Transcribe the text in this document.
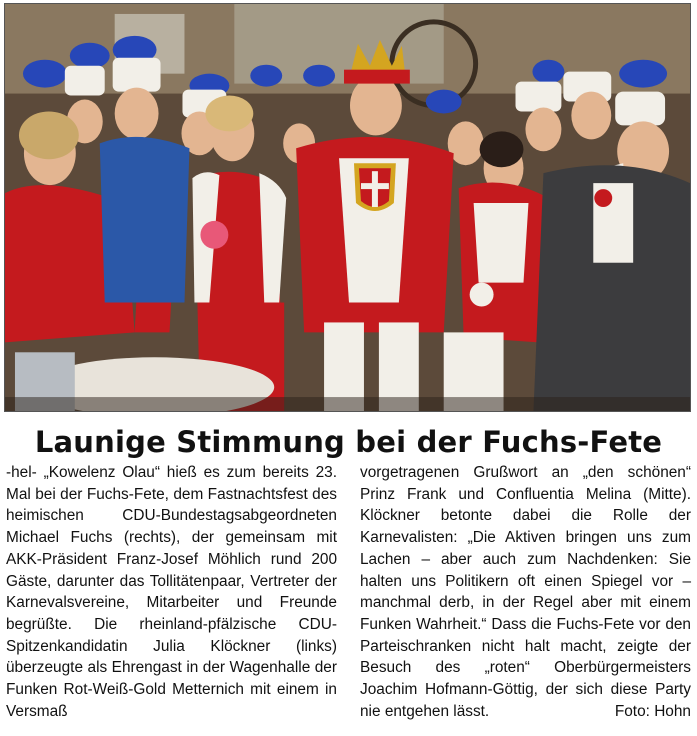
Launige Stimmung bei der Fuchs-Fete

-hel- „Kowelenz Olau“ hieß es zum bereits 23. Mal bei der Fuchs-Fete, dem Fastnachtsfest des heimischen CDU-Bundestagsabgeordneten Michael Fuchs (rechts), der gemeinsam mit AKK-Präsident Franz-Josef Möhlich rund 200 Gäste, darunter das Tollitätenpaar, Vertreter der Karnevalsvereine, Mitarbeiter und Freunde begrüßte. Die rheinland-pfälzische CDU-Spitzenkandidatin Julia Klöckner (links) überzeugte als Ehrengast in der Wagenhalle der Funken Rot-Weiß-Gold Metternich mit einem in Versmaß

vorgetragenen Grußwort an „den schönen“ Prinz Frank und Confluentia Melina (Mitte). Klöckner betonte dabei die Rolle der Karnevalisten: „Die Aktiven bringen uns zum Lachen – aber auch zum Nachdenken: Sie halten uns Politikern oft einen Spiegel vor – manchmal derb, in der Regel aber mit einem Funken Wahrheit.“ Dass die Fuchs-Fete vor den Parteischranken nicht halt macht, zeigte der Besuch des „roten“ Oberbürgermeisters Joachim Hofmann-Göttig, der sich diese Party nie entgehen lässt.	Foto: Hohn
